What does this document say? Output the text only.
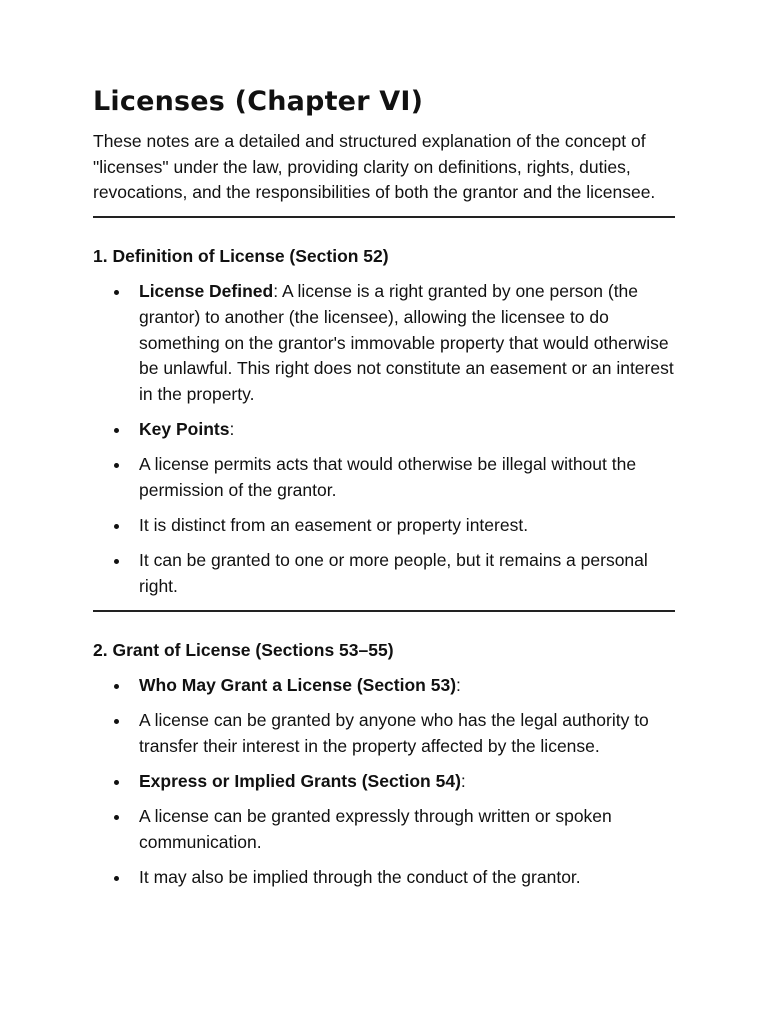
Licenses (Chapter VI)

These notes are a detailed and structured explanation of the concept of "licenses" under the law, providing clarity on definitions, rights, duties, revocations, and the responsibilities of both the grantor and the licensee.

1. Definition of License (Section 52)
License Defined: A license is a right granted by one person (the grantor) to another (the licensee), allowing the licensee to do something on the grantor's immovable property that would otherwise be unlawful. This right does not constitute an easement or an interest in the property.
Key Points:
A license permits acts that would otherwise be illegal without the permission of the grantor.
It is distinct from an easement or property interest.
It can be granted to one or more people, but it remains a personal right.
2. Grant of License (Sections 53–55)
Who May Grant a License (Section 53):
A license can be granted by anyone who has the legal authority to transfer their interest in the property affected by the license.
Express or Implied Grants (Section 54):
A license can be granted expressly through written or spoken communication.
It may also be implied through the conduct of the grantor.
